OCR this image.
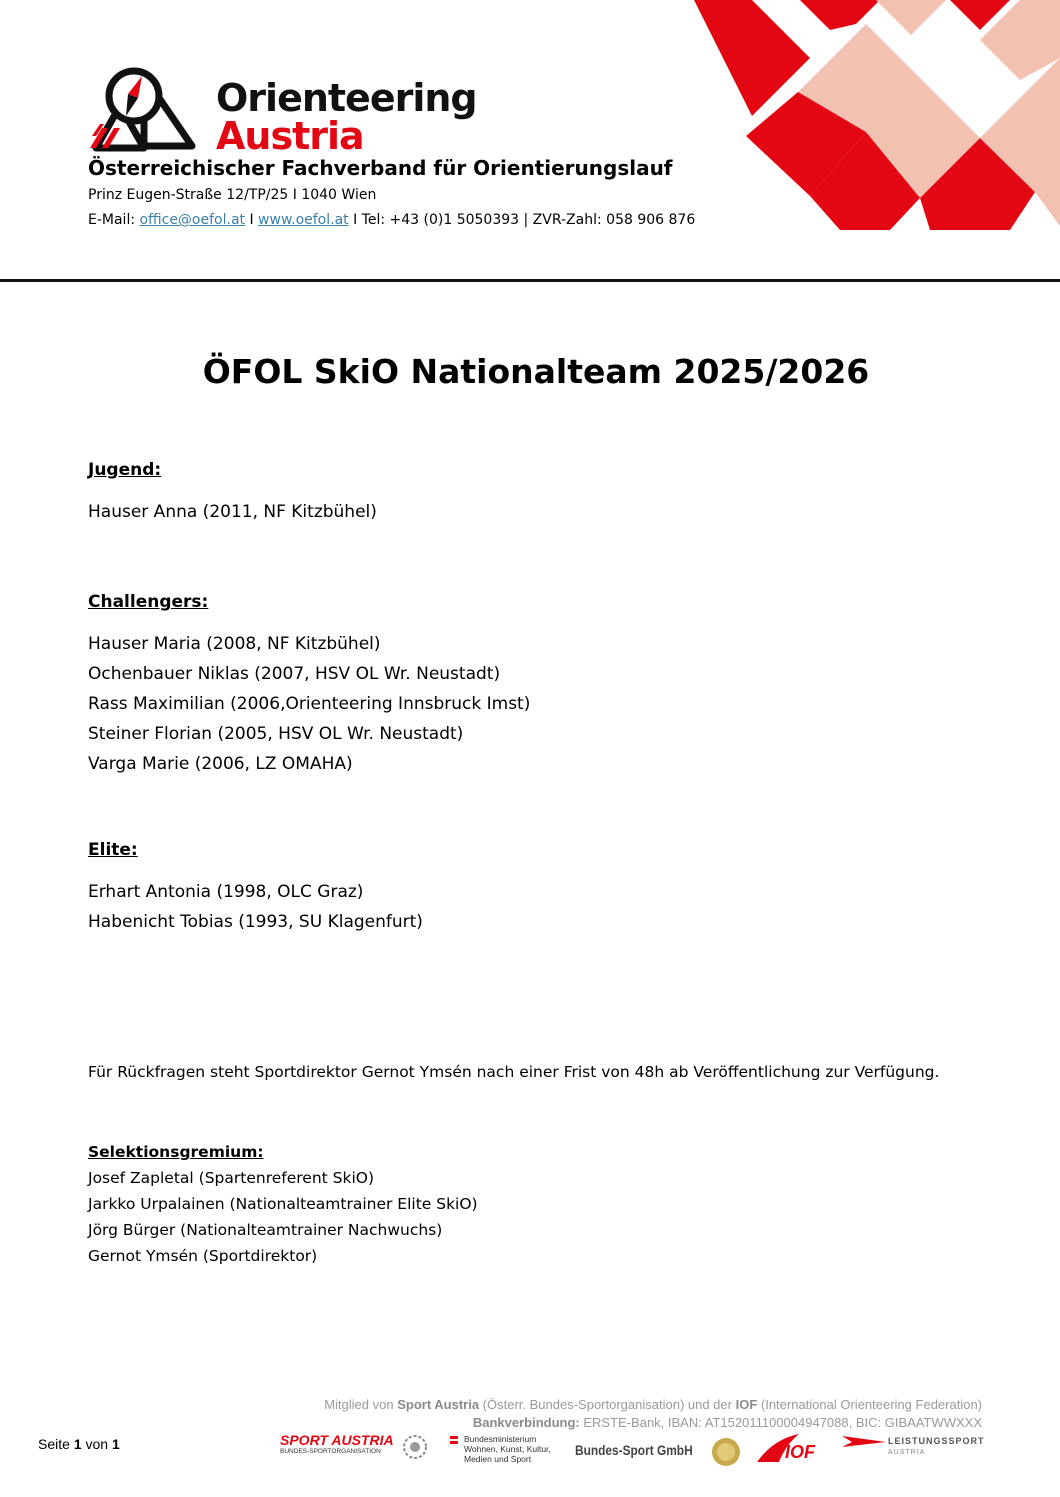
Orienteering
Austria
Österreichischer Fachverband für Orientierungslauf
Prinz Eugen-Straße 12/TP/25 I 1040 Wien
E-Mail: office@oefol.at I www.oefol.at I Tel: +43 (0)1 5050393 | ZVR-Zahl: 058 906 876
ÖFOL SkiO Nationalteam 2025/2026
Jugend:
Hauser Anna (2011, NF Kitzbühel)
Challengers:
Hauser Maria (2008, NF Kitzbühel)
Ochenbauer Niklas (2007, HSV OL Wr. Neustadt)
Rass Maximilian (2006,Orienteering Innsbruck Imst)
Steiner Florian (2005, HSV OL Wr. Neustadt)
Varga Marie (2006, LZ OMAHA)
Elite:
Erhart Antonia (1998, OLC Graz)
Habenicht Tobias (1993, SU Klagenfurt)
Für Rückfragen steht Sportdirektor Gernot Ymsén nach einer Frist von 48h ab Veröffentlichung zur Verfügung.
Selektionsgremium:
Josef Zapletal (Spartenreferent SkiO)
Jarkko Urpalainen (Nationalteamtrainer Elite SkiO)
Jörg Bürger (Nationalteamtrainer Nachwuchs)
Gernot Ymsén (Sportdirektor)
Mitglied von Sport Austria (Österr. Bundes-Sportorganisation) und der IOF (International Orienteering Federation)
Bankverbindung: ERSTE-Bank, IBAN: AT152011100004947088, BIC: GIBAATWWXXX
Seite 1 von 1	SPORT AUSTRIA
BUNDES-SPORTORGANISATION
Bundesministerium
Wohnen, Kunst, Kultur,
Medien und Sport
Bundes-Sport GmbH	IOF
LEISTUNGSSPORT
AUSTRIA
